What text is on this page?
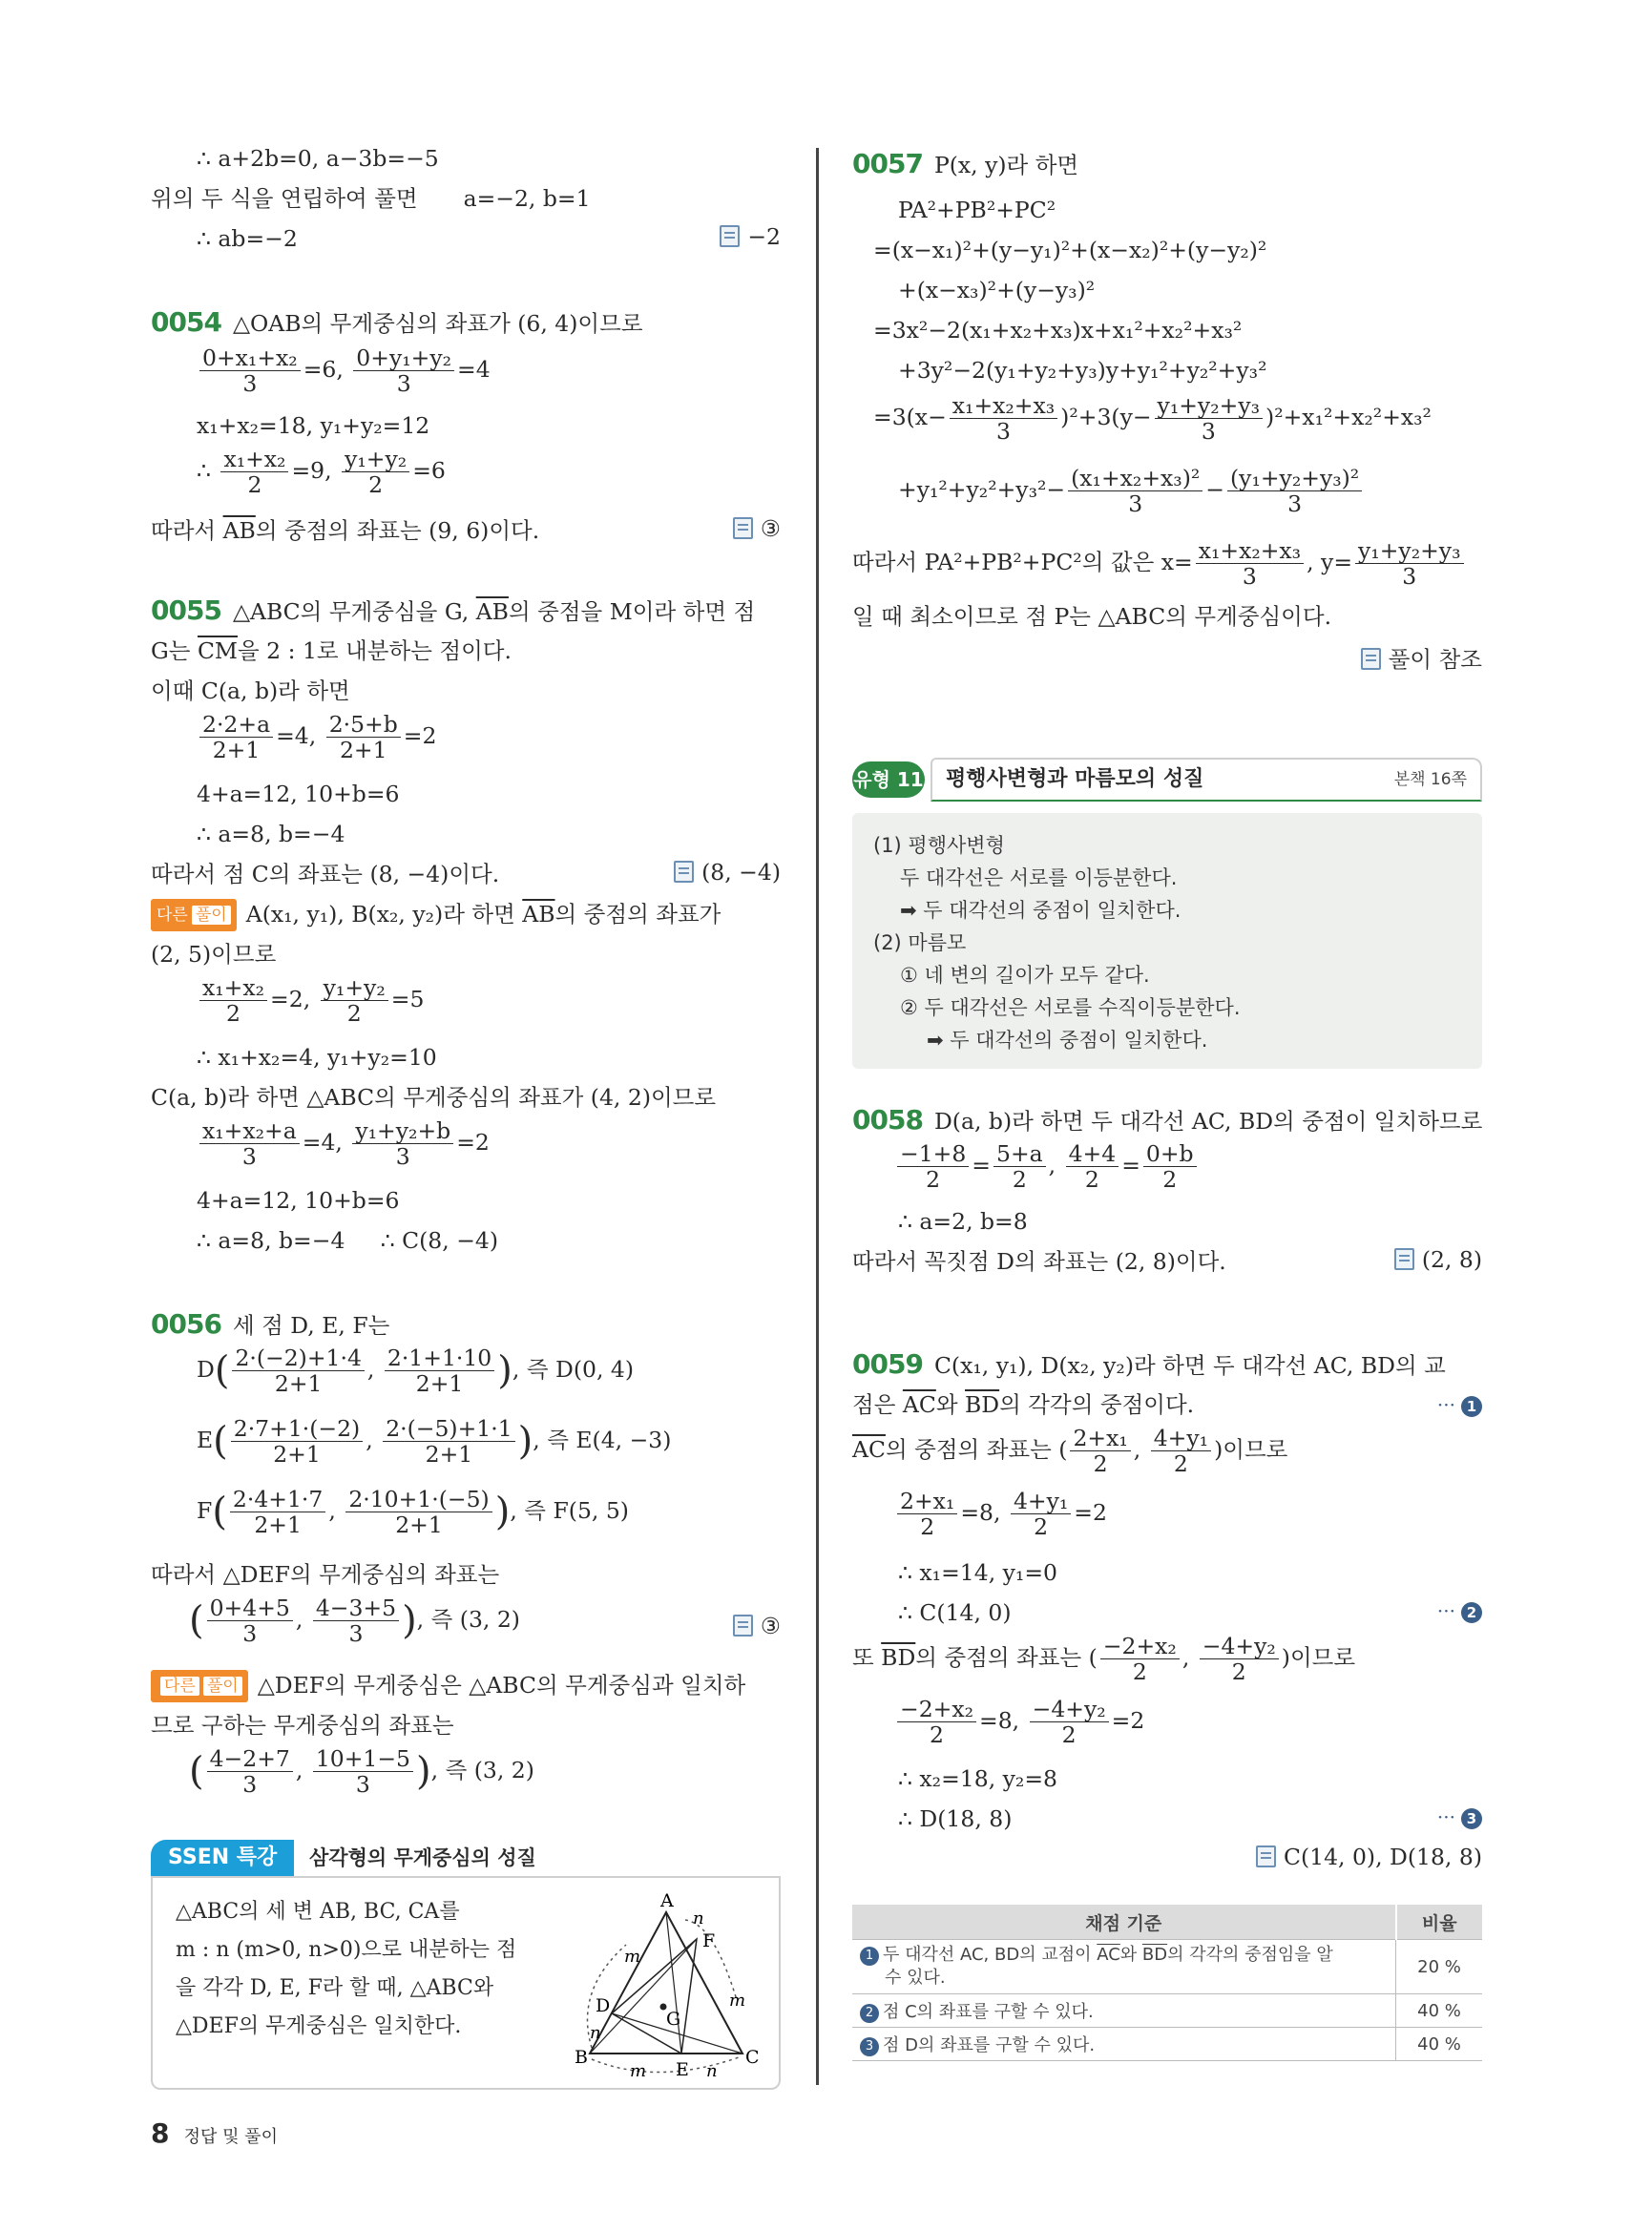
∴ a+2b=0, a−3b=−5
위의 두 식을 연립하여 풀면 a=−2, b=1
∴ ab=−2	−2
0054 △OAB의 무게중심의 좌표가 (6, 4)이므로
$\frac{\text{0+x₁+x₂}}{3} =6$, $\frac{\text{0+y₁+y₂}}{3} =4$
x₁+x₂=18, y₁+y₂=12
∴ $\frac{\text{x₁+x₂}}{2} =9$, $\frac{\text{y₁+y₂}}{2} =6$
따라서 $\overline{AB}$의 중점의 좌표는 (9, 6)이다.	③
0055 △ABC의 무게중심을 G, $\overline{AB}$의 중점을 M이라 하면 점
G는 $\overline{CM}$을 2 : 1로 내분하는 점이다.
이때 C(a, b)라 하면
$\frac{2\cdot 2+a}{2+1} =4$, $\frac{2\cdot 5+b}{2+1} =2$
4+a=12, 10+b=6
∴ a=8, b=−4
따라서 점 C의 좌표는 (8, −4)이다.	(8, −4)
다른 풀이 A(x₁, y₁), B(x₂, y₂)라 하면 $\overline{AB}$의 중점의 좌표가
(2, 5)이므로
$\frac{\text{x₁+x₂}}{2} =2$, $\frac{\text{y₁+y₂}}{2} =5$
∴ x₁+x₂=4, y₁+y₂=10
C(a, b)라 하면 △ABC의 무게중심의 좌표가 (4, 2)이므로
$\frac{\text{x₁+x₂+a}}{3} =4$, $\frac{\text{y₁+y₂+b}}{3} =2$
4+a=12, 10+b=6
∴ a=8, b=−4     ∴ C(8, −4)
0056 세 점 D, E, F는
$D( \frac{2\cdot(-2)+1\cdot 4}{2+1}$ , $\frac{2\cdot 1+1\cdot 10}{2+1}$ ), 즉 D(0, 4)
$E( \frac{2\cdot 7+1\cdot(-2)}{2+1}$ , $\frac{2\cdot(-5)+1\cdot 1}{2+1}$ ), 즉 E(4, −3)
$F( \frac{2\cdot 4+1\cdot 7}{2+1}$ , $\frac{2\cdot 10+1\cdot(-5)}{2+1}$ ), 즉 F(5, 5)
따라서 △DEF의 무게중심의 좌표는
( $\frac{0+4+5}{3}$ , $\frac{4-3+5}{3}$ ), 즉 (3, 2)	③
다른 풀이 △DEF의 무게중심은 △ABC의 무게중심과 일치하
므로 구하는 무게중심의 좌표는
( $\frac{4-2+7}{3}$ , $\frac{10+1-5}{3}$ ), 즉 (3, 2)
SSEN 특강	삼각형의 무게중심의 성질
△ABC의 세 변 AB, BC, CA를
m : n (m>0, n>0)으로 내분하는 점
을 각각 D, E, F라 할 때, △ABC와
△DEF의 무게중심은 일치한다.
A
B	C
D
E
F
G
m
n
n
m
m	n
0057 P(x, y)라 하면
PA²+PB²+PC²
=(x−x₁)²+(y−y₁)²+(x−x₂)²+(y−y₂)²
+(x−x₃)²+(y−y₃)²
=3x²−2(x₁+x₂+x₃)x+x₁²+x₂²+x₃²
+3y²−2(y₁+y₂+y₃)y+y₁²+y₂²+y₃²
$=3(x- \frac{\text{x₁+x₂+x₃}}{3} )^2+3(y- \frac{\text{y₁+y₂+y₃}}{3} )^2+x_1^2+x_2^2+x_3^2$
$+y_1^2+y_2^2+y_3^2- \frac{\text{(x₁+x₂+x₃)²}}{3} - \frac{\text{(y₁+y₂+y₃)²}}{3}$
따라서 PA²+PB²+PC²의 값은 $x= \frac{\text{x₁+x₂+x₃}}{3}$ , $y= \frac{\text{y₁+y₂+y₃}}{3}$
일 때 최소이므로 점 P는 △ABC의 무게중심이다.
풀이 참조
유형 11	평행사변형과 마름모의 성질	본책 16쪽
(1) 평행사변형
두 대각선은 서로를 이등분한다.
➡ 두 대각선의 중점이 일치한다.
(2) 마름모
① 네 변의 길이가 모두 같다.
② 두 대각선은 서로를 수직이등분한다.
➡ 두 대각선의 중점이 일치한다.
0058 D(a, b)라 하면 두 대각선 AC, BD의 중점이 일치하므로
$\frac{-1+8}{2} = \frac{5+a}{2}$ , $\frac{4+4}{2} = \frac{0+b}{2}$
∴ a=2, b=8
따라서 꼭짓점 D의 좌표는 (2, 8)이다.	(2, 8)
0059 C(x₁, y₁), D(x₂, y₂)라 하면 두 대각선 AC, BD의 교
점은 $\overline{AC}$와 $\overline{BD}$의 각각의 중점이다.	··· 1
$\overline{AC}$의 중점의 좌표는 ( $\frac{\text{2+x₁}}{2}$ , $\frac{\text{4+y₁}}{2}$ )이므로
$\frac{\text{2+x₁}}{2} =8$, $\frac{\text{4+y₁}}{2} =2$
∴ x₁=14, y₁=0
∴ C(14, 0)	··· 2
또 $\overline{BD}$의 중점의 좌표는 ( $\frac{\text{−2+x₂}}{2}$ , $\frac{\text{−4+y₂}}{2}$ )이므로
$\frac{\text{−2+x₂}}{2} =8$, $\frac{\text{−4+y₂}}{2} =2$
∴ x₂=18, y₂=8
∴ D(18, 8)	··· 3
C(14, 0), D(18, 8)
채점 기준	비율
1 두 대각선 AC, BD의 교점이 $\overline{AC}$와 $\overline{BD}$의 각각의 중점임을 알
수 있다.	20 %
2 점 C의 좌표를 구할 수 있다.	40 %
3 점 D의 좌표를 구할 수 있다.	40 %
8 정답 및 풀이
